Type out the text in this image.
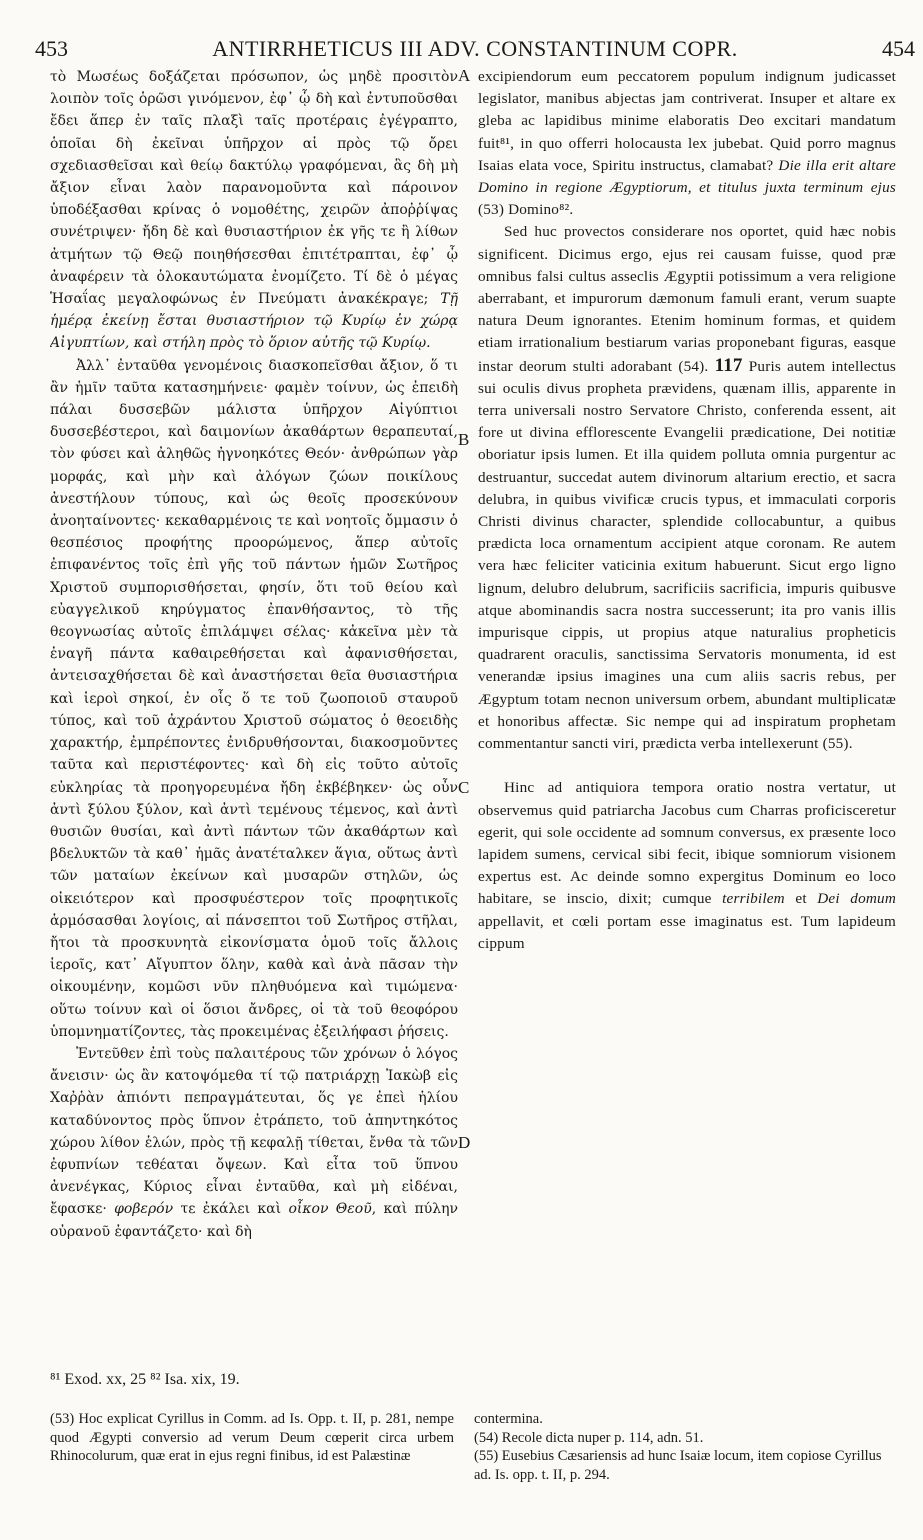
453	ANTIRRHETICUS III ADV. CONSTANTINUM COPR.	454

τὸ Μωσέως δοξάζεται πρόσωπον, ὡς μηδὲ προσιτὸν λοιπὸν τοῖς ὁρῶσι γινόμενον, ἐφ᾽ ᾧ δὴ καὶ ἐντυποῦσθαι ἔδει ἅπερ ἐν ταῖς πλαξὶ ταῖς προτέραις ἐγέγραπτο, ὁποῖαι δὴ ἐκεῖναι ὑπῆρχον αἱ πρὸς τῷ ὄρει σχεδιασθεῖσαι καὶ θείῳ δακτύλῳ γραφόμεναι, ἃς δὴ μὴ ἄξιον εἶναι λαὸν παρανομοῦντα καὶ πάροινον ὑποδέξασθαι κρίνας ὁ νομοθέτης, χειρῶν ἀποῤῥίψας συνέτριψεν· ἤδη δὲ καὶ θυσιαστήριον ἐκ γῆς τε ἢ λίθων ἀτμήτων τῷ Θεῷ ποιηθήσεσθαι ἐπιτέτραπται, ἐφ᾽ ᾧ ἀναφέρειν τὰ ὁλοκαυτώματα ἐνομίζετο. Τί δὲ ὁ μέγας Ἡσαΐας μεγαλοφώνως ἐν Πνεύματι ἀνακέκραγε; Τῇ ἡμέρᾳ ἐκείνῃ ἔσται θυσιαστήριον τῷ Κυρίῳ ἐν χώρᾳ Αἰγυπτίων, καὶ στήλη πρὸς τὸ ὅριον αὐτῆς τῷ Κυρίῳ.

Ἀλλ᾽ ἐνταῦθα γενομένοις διασκοπεῖσθαι ἄξιον, ὅ τι ἂν ἡμῖν ταῦτα κατασημήνειε· φαμὲν τοίνυν, ὡς ἐπειδὴ πάλαι δυσσεβῶν μάλιστα ὑπῆρχον Αἰγύπτιοι δυσσεβέστεροι, καὶ δαιμονίων ἀκαθάρτων θεραπευταί, τὸν φύσει καὶ ἀληθῶς ἠγνοηκότες Θεόν· ἀνθρώπων γὰρ μορφάς, καὶ μὴν καὶ ἀλόγων ζώων ποικίλους ἀνεστήλουν τύπους, καὶ ὡς θεοῖς προσεκύνουν ἀνοηταίνοντες· κεκαθαρμένοις τε καὶ νοητοῖς ὄμμασιν ὁ θεσπέσιος προφήτης προορώμενος, ἅπερ αὐτοῖς ἐπιφανέντος τοῖς ἐπὶ γῆς τοῦ πάντων ἡμῶν Σωτῆρος Χριστοῦ συμπορισθήσεται, φησίν, ὅτι τοῦ θείου καὶ εὐαγγελικοῦ κηρύγματος ἐπανθήσαντος, τὸ τῆς θεογνωσίας αὐτοῖς ἐπιλάμψει σέλας· κἀκεῖνα μὲν τὰ ἐναγῆ πάντα καθαιρεθήσεται καὶ ἀφανισθήσεται, ἀντεισαχθήσεται δὲ καὶ ἀναστήσεται θεῖα θυσιαστήρια καὶ ἱεροὶ σηκοί, ἐν οἷς ὅ τε τοῦ ζωοποιοῦ σταυροῦ τύπος, καὶ τοῦ ἀχράντου Χριστοῦ σώματος ὁ θεοειδὴς χαρακτήρ, ἐμπρέποντες ἐνιδρυθήσονται, διακοσμοῦντες ταῦτα καὶ περιστέφοντες· καὶ δὴ εἰς τοῦτο αὐτοῖς εὐκληρίας τὰ προηγορευμένα ἤδη ἐκβέβηκεν· ὡς οὖν ἀντὶ ξύλου ξύλον, καὶ ἀντὶ τεμένους τέμενος, καὶ ἀντὶ θυσιῶν θυσίαι, καὶ ἀντὶ πάντων τῶν ἀκαθάρτων καὶ βδελυκτῶν τὰ καθ᾽ ἡμᾶς ἀνατέταλκεν ἅγια, οὕτως ἀντὶ τῶν ματαίων ἐκείνων καὶ μυσαρῶν στηλῶν, ὡς οἰκειότερον καὶ προσφυέστερον τοῖς προφητικοῖς ἁρμόσασθαι λογίοις, αἱ πάνσεπτοι τοῦ Σωτῆρος στῆλαι, ἤτοι τὰ προσκυνητὰ εἰκονίσματα ὁμοῦ τοῖς ἄλλοις ἱεροῖς, κατ᾽ Αἴγυπτον ὅλην, καθὰ καὶ ἀνὰ πᾶσαν τὴν οἰκουμένην, κομῶσι νῦν πληθυόμενα καὶ τιμώμενα· οὕτω τοίνυν καὶ οἱ ὅσιοι ἄνδρες, οἱ τὰ τοῦ θεοφόρου ὑπομνηματίζοντες, τὰς προκειμένας ἐξειλήφασι ῥήσεις.

Ἐντεῦθεν ἐπὶ τοὺς παλαιτέρους τῶν χρόνων ὁ λόγος ἄνεισιν· ὡς ἂν κατοψόμεθα τί τῷ πατριάρχῃ Ἰακὼβ εἰς Χαῤῥὰν ἀπιόντι πεπραγμάτευται, ὅς γε ἐπεὶ ἡλίου καταδύνοντος πρὸς ὕπνον ἐτράπετο, τοῦ ἀπηντηκότος χώρου λίθον ἑλών, πρὸς τῇ κεφαλῇ τίθεται, ἔνθα τὰ τῶν ἐφυπνίων τεθέαται ὄψεων. Καὶ εἶτα τοῦ ὕπνου ἀνενέγκας, Κύριος εἶναι ἐνταῦθα, καὶ μὴ εἰδέναι, ἔφασκε· φοβερόν τε ἐκάλει καὶ οἶκον Θεοῦ, καὶ πύλην οὐρανοῦ ἐφαντάζετο· καὶ δὴ

excipiendorum eum peccatorem populum indignum judicasset legislator, manibus abjectas jam contriverat. Insuper et altare ex gleba ac lapidibus minime elaboratis Deo excitari mandatum fuit⁸¹, in quo offerri holocausta lex jubebat. Quid porro magnus Isaias elata voce, Spiritu instructus, clamabat? Die illa erit altare Domino in regione Ægyptiorum, et titulus juxta terminum ejus (53) Domino⁸².

Sed huc provectos considerare nos oportet, quid hæc nobis significent. Dicimus ergo, ejus rei causam fuisse, quod præ omnibus falsi cultus asseclis Ægyptii potissimum a vera religione aberrabant, et impurorum dæmonum famuli erant, verum suapte natura Deum ignorantes. Etenim hominum formas, et quidem etiam irrationalium bestiarum varias proponebant figuras, easque instar deorum stulti adorabant (54). 117 Puris autem intellectus sui oculis divus propheta prævidens, quænam illis, apparente in terra universali nostro Servatore Christo, conferenda essent, ait fore ut divina efflorescente Evangelii prædicatione, Dei notitiæ oboriatur ipsis lumen. Et illa quidem polluta omnia purgentur ac destruantur, succedat autem divinorum altarium erectio, et sacra delubra, in quibus vivificæ crucis typus, et immaculati corporis Christi divinus character, splendide collocabuntur, a quibus prædicta loca ornamentum accipient atque coronam. Re autem vera hæc feliciter vaticinia exitum habuerunt. Sicut ergo ligno lignum, delubro delubrum, sacrificiis sacrificia, impuris quibusve atque abominandis sacra nostra successerunt; ita pro vanis illis impurisque cippis, ut propius atque naturalius propheticis quadrarent oraculis, sanctissima Servatoris monumenta, id est venerandæ ipsius imagines una cum aliis sacris rebus, per Ægyptum totam necnon universum orbem, abundant multiplicatæ et honoribus affectæ. Sic nempe qui ad inspiratum prophetam commentantur sancti viri, prædicta verba intellexerunt (55).

Hinc ad antiquiora tempora oratio nostra vertatur, ut observemus quid patriarcha Jacobus cum Charras proficisceretur egerit, qui sole occidente ad somnum conversus, ex præsente loco lapidem sumens, cervical sibi fecit, ibique somniorum visionem expertus est. Ac deinde somno expergitus Dominum eo loco habitare, se inscio, dixit; cumque terribilem et Dei domum appellavit, et cœli portam esse imaginatus est. Tum lapideum cippum

A
B
C
D
⁸¹ Exod. xx, 25 ⁸² Isa. xix, 19.
(53) Hoc explicat Cyrillus in Comm. ad Is. Opp. t. II, p. 281, nempe quod Ægypti conversio ad verum Deum cœperit circa urbem Rhinocolurum, quæ erat in ejus regni finibus, id est Palæstinæ

contermina.

(54) Recole dicta nuper p. 114, adn. 51.

(55) Eusebius Cæsariensis ad hunc Isaiæ locum, item copiose Cyrillus ad. Is. opp. t. II, p. 294.
